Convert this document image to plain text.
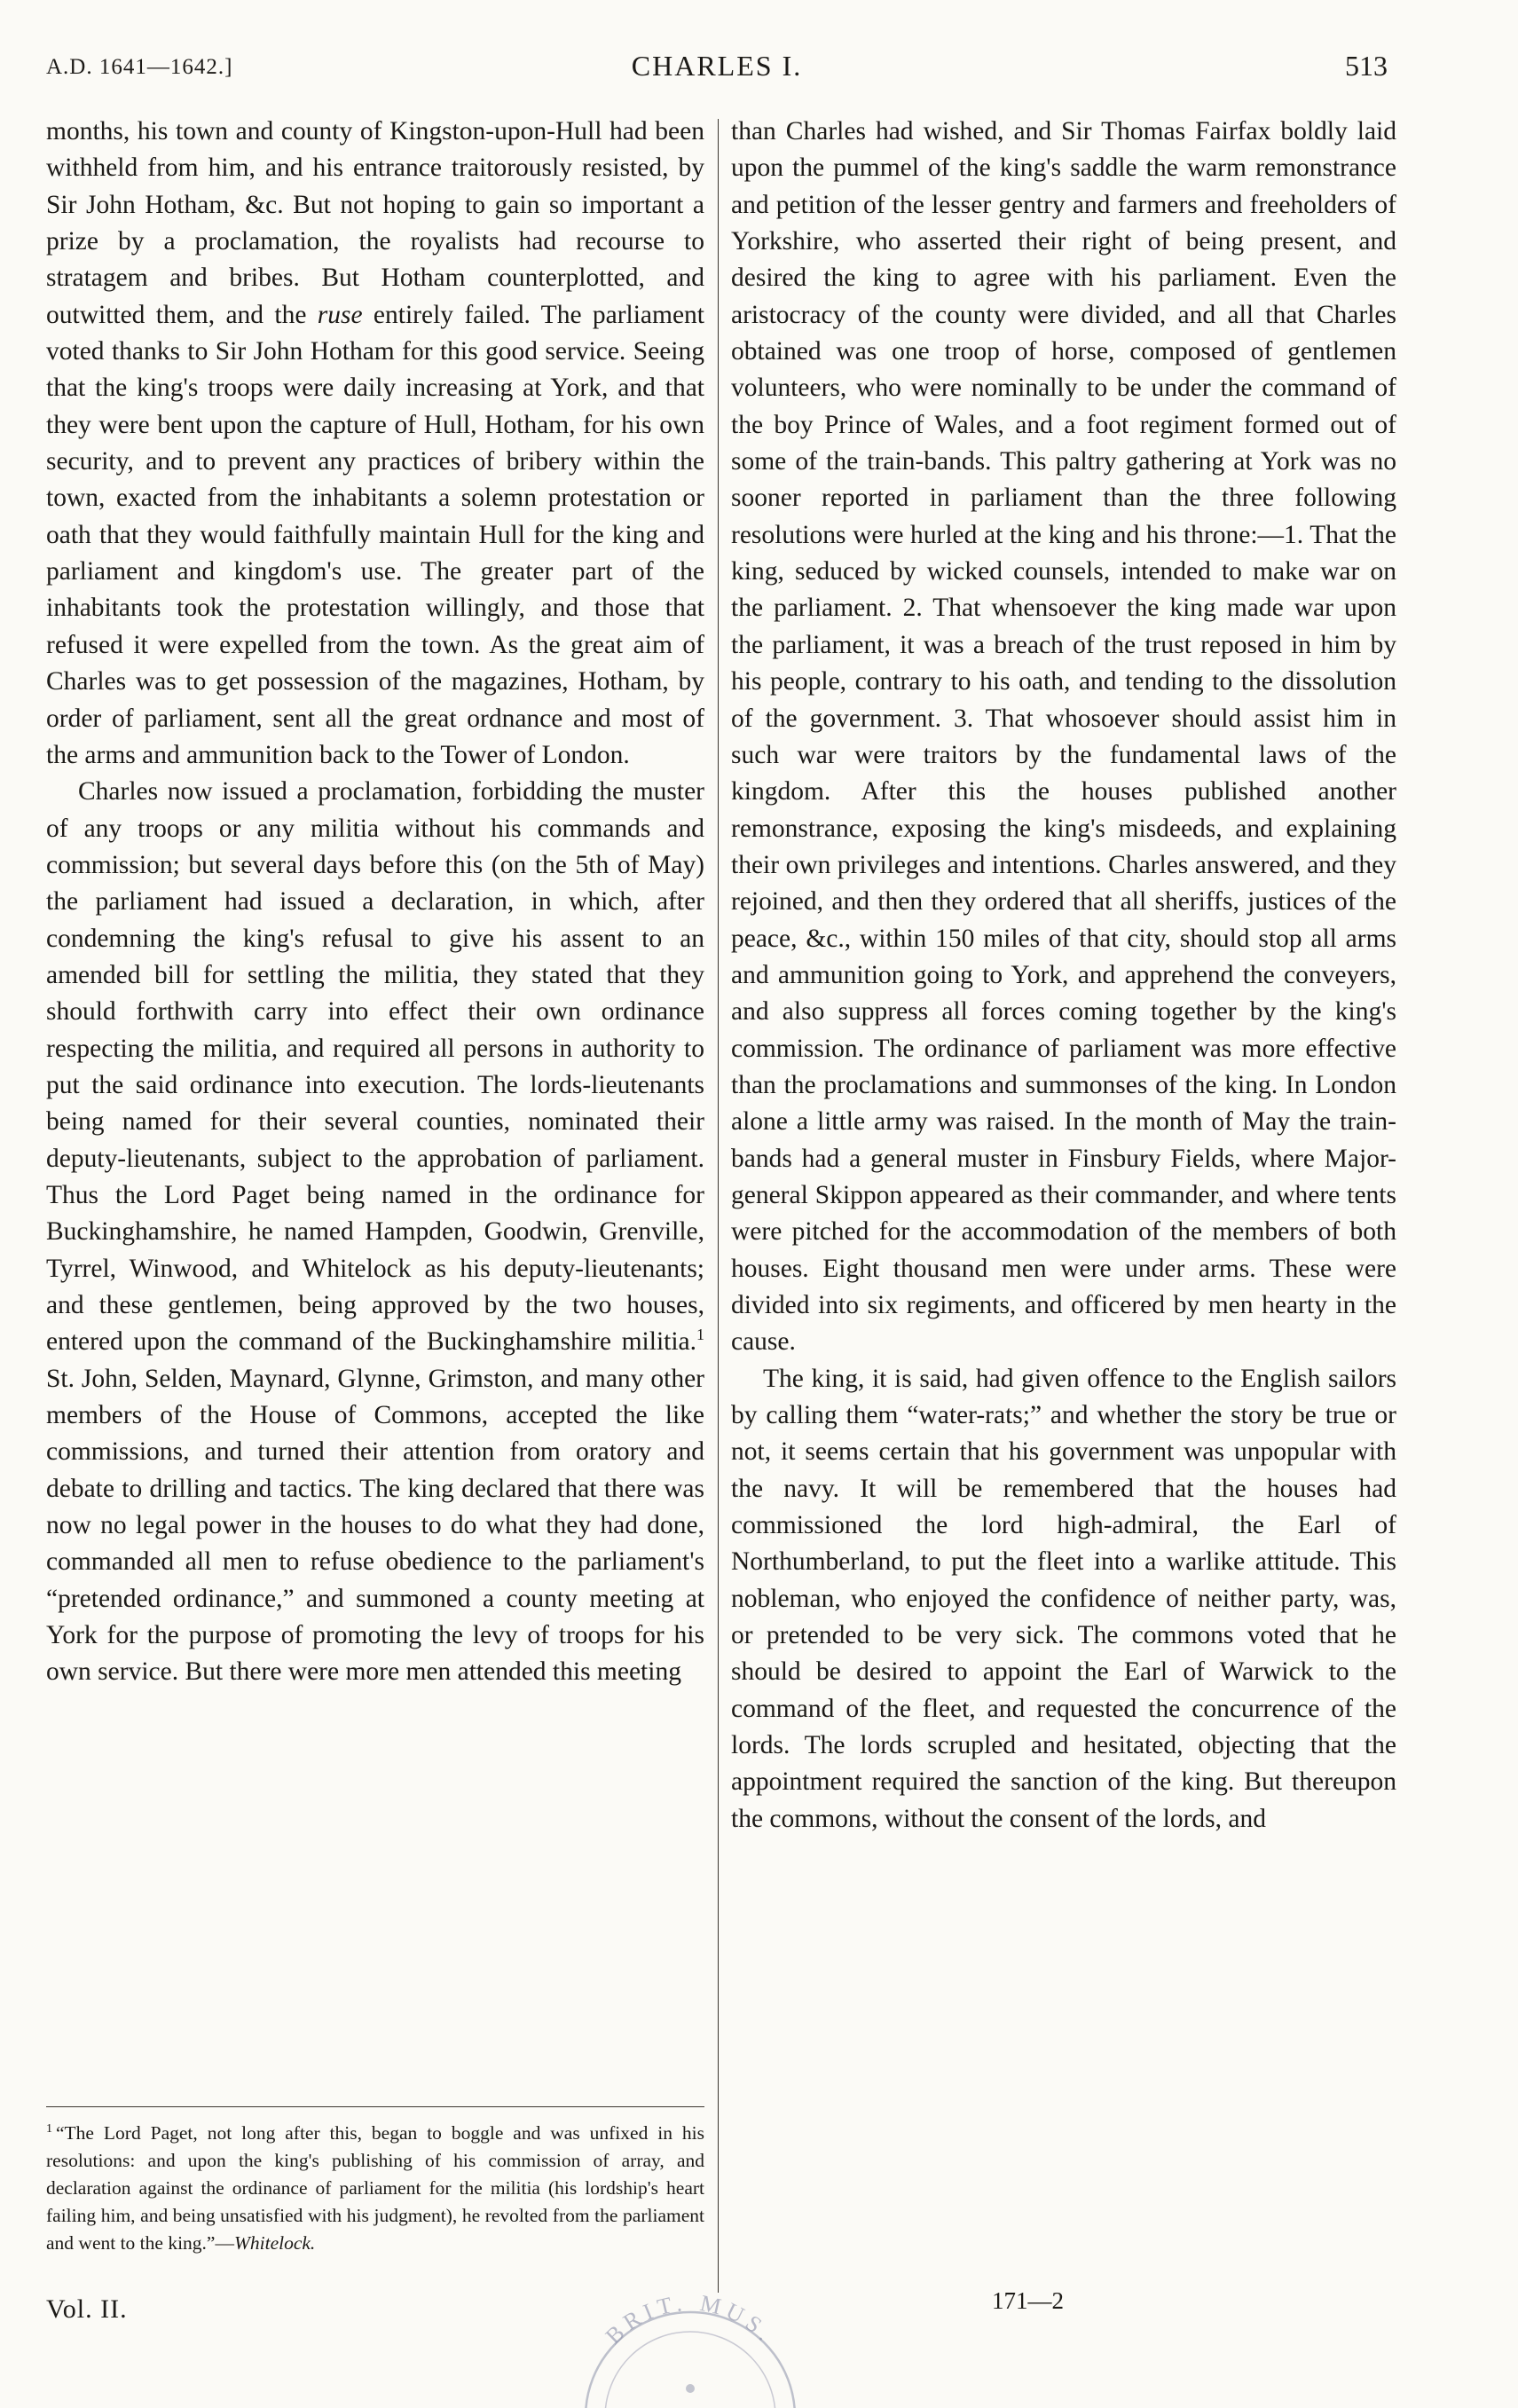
A.D. 1641—1642.]	CHARLES I.	513

months, his town and county of Kingston-upon-Hull had been withheld from him, and his entrance traitorously resisted, by Sir John Hotham, &c. But not hoping to gain so important a prize by a proclamation, the royalists had recourse to stratagem and bribes. But Hotham counterplotted, and outwitted them, and the ruse entirely failed. The parliament voted thanks to Sir John Hotham for this good service. Seeing that the king's troops were daily increasing at York, and that they were bent upon the capture of Hull, Hotham, for his own security, and to prevent any practices of bribery within the town, exacted from the inhabitants a solemn protestation or oath that they would faithfully maintain Hull for the king and parliament and kingdom's use. The greater part of the inhabitants took the protestation willingly, and those that refused it were expelled from the town. As the great aim of Charles was to get possession of the magazines, Hotham, by order of parliament, sent all the great ordnance and most of the arms and ammunition back to the Tower of London.

Charles now issued a proclamation, forbidding the muster of any troops or any militia without his commands and commission; but several days before this (on the 5th of May) the parliament had issued a declaration, in which, after condemning the king's refusal to give his assent to an amended bill for settling the militia, they stated that they should forthwith carry into effect their own ordinance respecting the militia, and required all persons in authority to put the said ordinance into execution. The lords-lieutenants being named for their several counties, nominated their deputy-lieutenants, subject to the approbation of parliament. Thus the Lord Paget being named in the ordinance for Buckinghamshire, he named Hampden, Goodwin, Grenville, Tyrrel, Winwood, and Whitelock as his deputy-lieutenants; and these gentlemen, being approved by the two houses, entered upon the command of the Buckinghamshire militia.$^1$ St. John, Selden, Maynard, Glynne, Grimston, and many other members of the House of Commons, accepted the like commissions, and turned their attention from oratory and debate to drilling and tactics. The king declared that there was now no legal power in the houses to do what they had done, commanded all men to refuse obedience to the parliament's “pretended ordinance,” and summoned a county meeting at York for the purpose of promoting the levy of troops for his own service. But there were more men attended this meeting

than Charles had wished, and Sir Thomas Fairfax boldly laid upon the pummel of the king's saddle the warm remonstrance and petition of the lesser gentry and farmers and freeholders of Yorkshire, who asserted their right of being present, and desired the king to agree with his parliament. Even the aristocracy of the county were divided, and all that Charles obtained was one troop of horse, composed of gentlemen volunteers, who were nominally to be under the command of the boy Prince of Wales, and a foot regiment formed out of some of the train-bands. This paltry gathering at York was no sooner reported in parliament than the three following resolutions were hurled at the king and his throne:—1. That the king, seduced by wicked counsels, intended to make war on the parliament. 2. That whensoever the king made war upon the parliament, it was a breach of the trust reposed in him by his people, contrary to his oath, and tending to the dissolution of the government. 3. That whosoever should assist him in such war were traitors by the fundamental laws of the kingdom. After this the houses published another remonstrance, exposing the king's misdeeds, and explaining their own privileges and intentions. Charles answered, and they rejoined, and then they ordered that all sheriffs, justices of the peace, &c., within 150 miles of that city, should stop all arms and ammunition going to York, and apprehend the conveyers, and also suppress all forces coming together by the king's commission. The ordinance of parliament was more effective than the proclamations and summonses of the king. In London alone a little army was raised. In the month of May the train-bands had a general muster in Finsbury Fields, where Major-general Skippon appeared as their commander, and where tents were pitched for the accommodation of the members of both houses. Eight thousand men were under arms. These were divided into six regiments, and officered by men hearty in the cause.

The king, it is said, had given offence to the English sailors by calling them “water-rats;” and whether the story be true or not, it seems certain that his government was unpopular with the navy. It will be remembered that the houses had commissioned the lord high-admiral, the Earl of Northumberland, to put the fleet into a warlike attitude. This nobleman, who enjoyed the confidence of neither party, was, or pretended to be very sick. The commons voted that he should be desired to appoint the Earl of Warwick to the command of the fleet, and requested the concurrence of the lords. The lords scrupled and hesitated, objecting that the appointment required the sanction of the king. But thereupon the commons, without the consent of the lords, and

$^1$ “The Lord Paget, not long after this, began to boggle and was unfixed in his resolutions: and upon the king's publishing of his commission of array, and declaration against the ordinance of parliament for the militia (his lordship's heart failing him, and being unsatisfied with his judgment), he revolted from the parliament and went to the king.”—Whitelock.
Vol. II.	171—2
BRIT. MUS.
